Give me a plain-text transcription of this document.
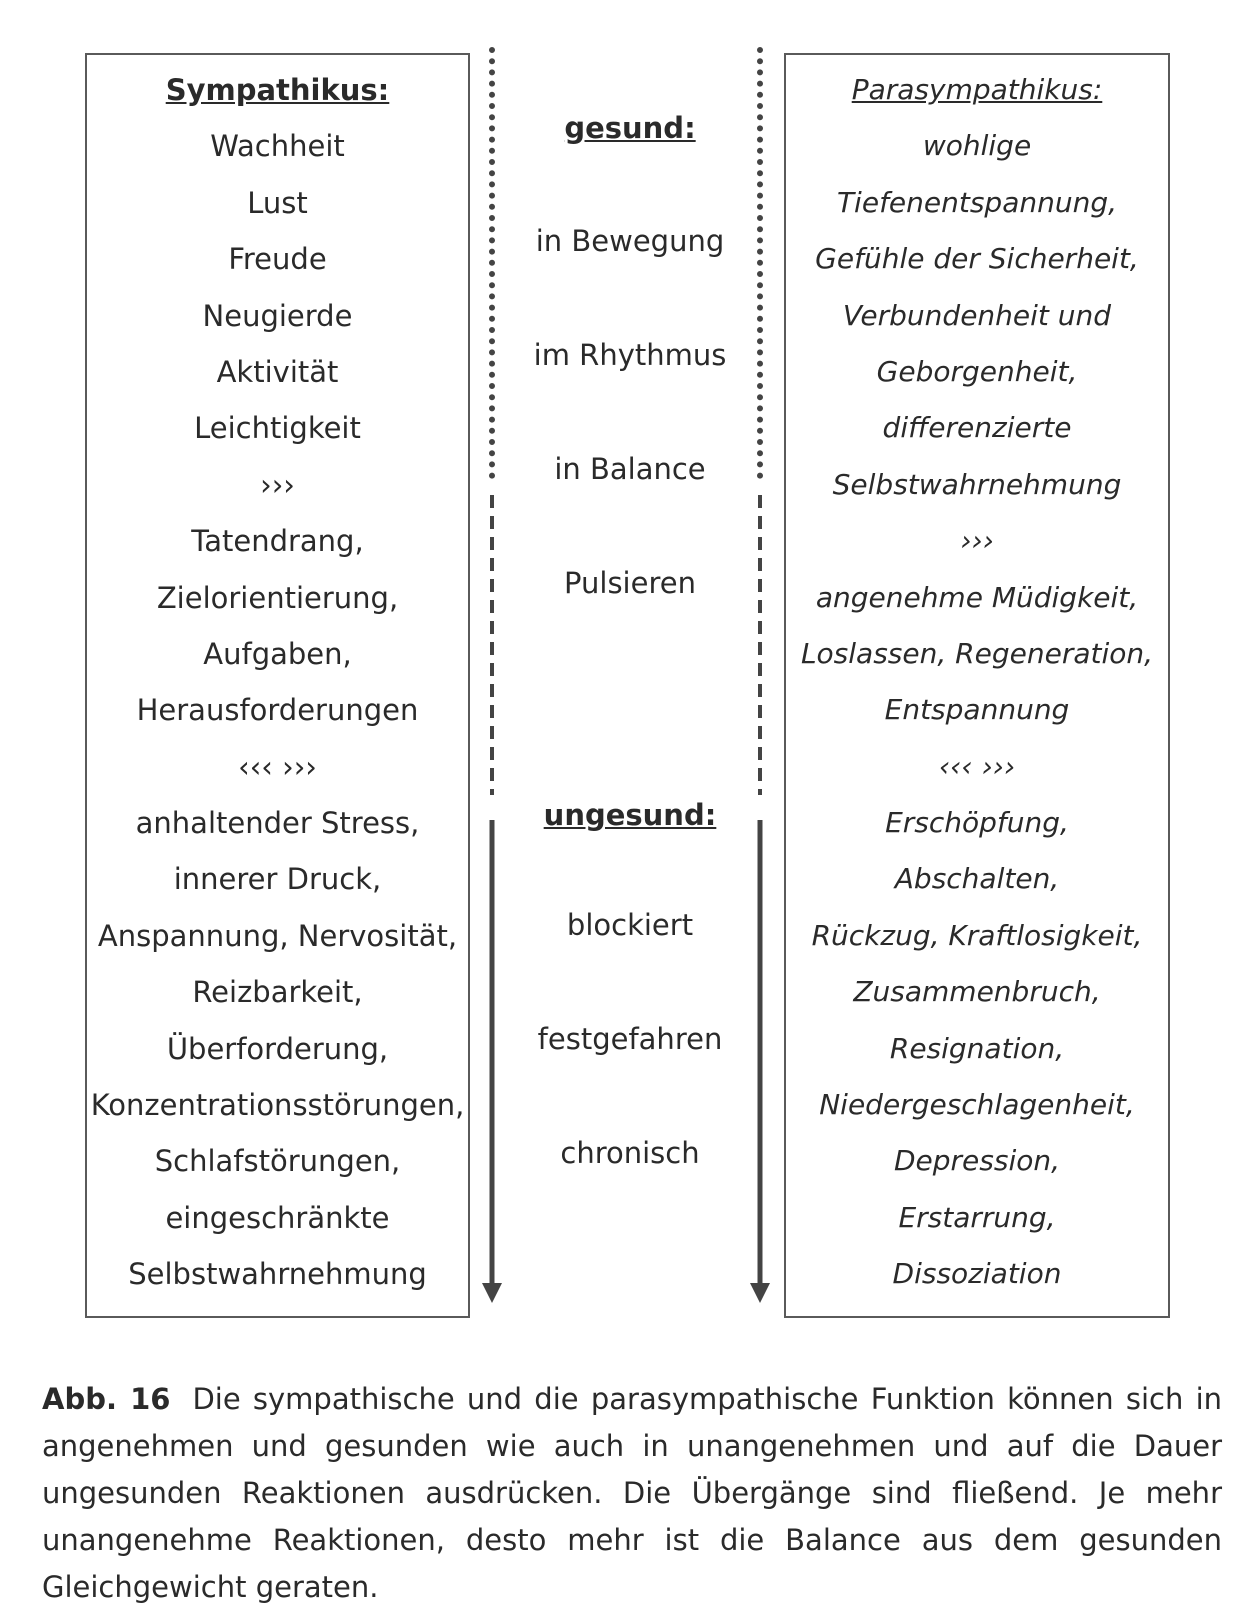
Sympathikus:
Wachheit
Lust
Freude
Neugierde
Aktivität
Leichtigkeit
›››
Tatendrang,
Zielorientierung,
Aufgaben,
Herausforderungen
‹‹‹ ›››
anhaltender Stress,
innerer Druck,
Anspannung, Nervosität,
Reizbarkeit,
Überforderung,
Konzentrationsstörungen,
Schlafstörungen,
eingeschränkte
Selbstwahrnehmung
Parasympathikus:
wohlige
Tiefenentspannung,
Gefühle der Sicherheit,
Verbundenheit und
Geborgenheit,
differenzierte
Selbstwahrnehmung
›››
angenehme Müdigkeit,
Loslassen, Regeneration,
Entspannung
‹‹‹ ›››
Erschöpfung,
Abschalten,
Rückzug, Kraftlosigkeit,
Zusammenbruch,
Resignation,
Niedergeschlagenheit,
Depression,
Erstarrung,
Dissoziation
gesund:
in Bewegung
im Rhythmus
in Balance
Pulsieren
ungesund:
blockiert
festgefahren
chronisch

Abb. 16 Die sympathische und die parasympathische Funktion können sich in angenehmen und gesunden wie auch in unangenehmen und auf die Dauer ungesunden Reaktionen ausdrücken. Die Übergänge sind fließend. Je mehr unangenehme Reaktionen, desto mehr ist die Balance aus dem gesunden Gleichgewicht geraten.
